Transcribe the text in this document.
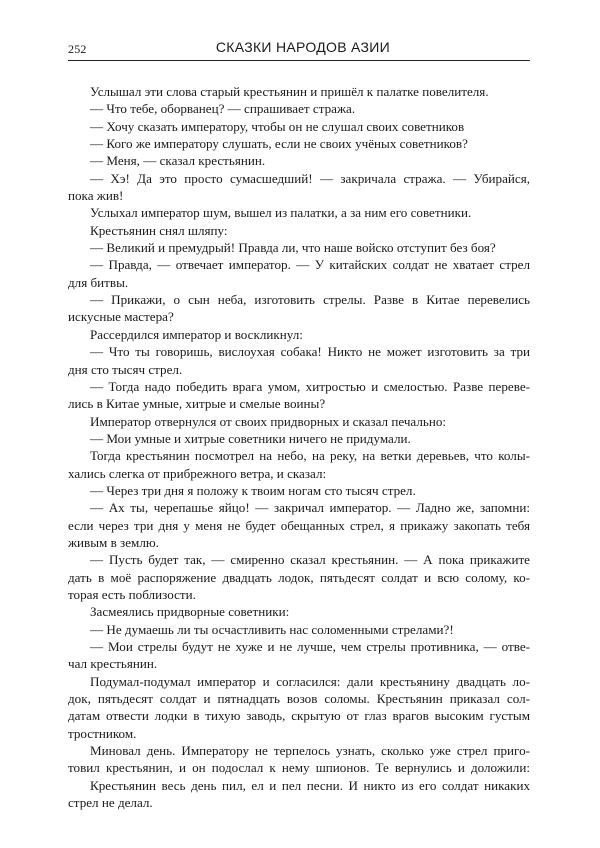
252	СКАЗКИ НАРОДОВ АЗИИ
Услышал эти слова старый крестьянин и пришёл к палатке повелителя.
— Что тебе, оборванец? — спрашивает стража.
— Хочу сказать императору, чтобы он не слушал своих советников
— Кого же императору слушать, если не своих учёных советников?
— Меня, — сказал крестьянин.
— Хэ! Да это просто сумасшедший! — закричала стража. — Убирайся,
пока жив!
Услыхал император шум, вышел из палатки, а за ним его советники.
Крестьянин снял шляпу:
— Великий и премудрый! Правда ли, что наше войско отступит без боя?
— Правда, — отвечает император. — У китайских солдат не хватает стрел
для битвы.
— Прикажи, о сын неба, изготовить стрелы. Разве в Китае перевелись
искусные мастера?
Рассердился император и воскликнул:
— Что ты говоришь, вислоухая собака! Никто не может изготовить за три
дня сто тысяч стрел.
— Тогда надо победить врага умом, хитростью и смелостью. Разве переве-
лись в Китае умные, хитрые и смелые воины?
Император отвернулся от своих придворных и сказал печально:
— Мои умные и хитрые советники ничего не придумали.
Тогда крестьянин посмотрел на небо, на реку, на ветки деревьев, что колы-
хались слегка от прибрежного ветра, и сказал:
— Через три дня я положу к твоим ногам сто тысяч стрел.
— Ах ты, черепашье яйцо! — закричал император. — Ладно же, запомни:
если через три дня у меня не будет обещанных стрел, я прикажу закопать тебя
живым в землю.
— Пусть будет так, — смиренно сказал крестьянин. — А пока прикажите
дать в моё распоряжение двадцать лодок, пятьдесят солдат и всю солому, ко-
торая есть поблизости.
Засмеялись придворные советники:
— Не думаешь ли ты осчастливить нас соломенными стрелами?!
— Мои стрелы будут не хуже и не лучше, чем стрелы противника, — отве-
чал крестьянин.
Подумал-подумал император и согласился: дали крестьянину двадцать ло-
док, пятьдесят солдат и пятнадцать возов соломы. Крестьянин приказал сол-
датам отвести лодки в тихую заводь, скрытую от глаз врагов высоким густым
тростником.
Миновал день. Императору не терпелось узнать, сколько уже стрел приго-
товил крестьянин, и он подослал к нему шпионов. Те вернулись и доложили:
Крестьянин весь день пил, ел и пел песни. И никто из его солдат никаких
стрел не делал.
